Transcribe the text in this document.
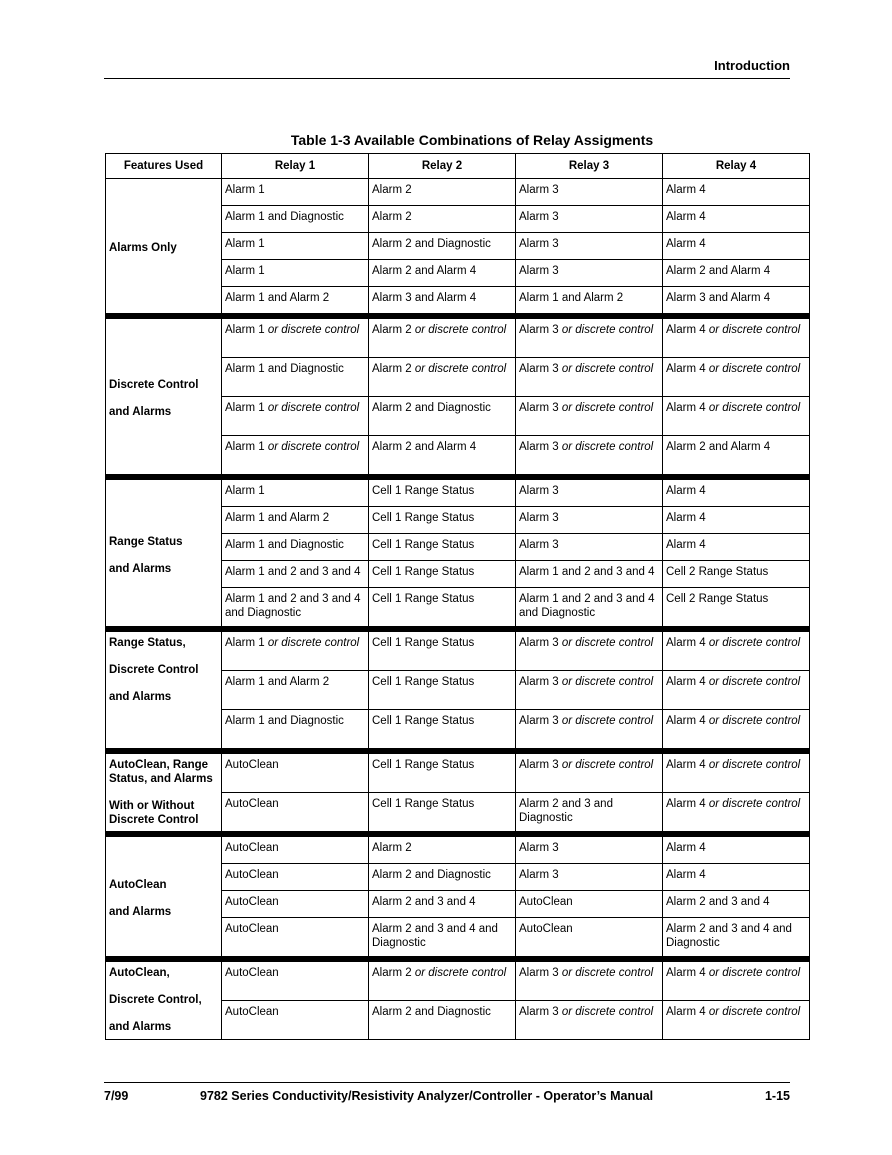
Introduction
Table 1-3 Available Combinations of Relay Assigments
Features Used	Relay 1	Relay 2	Relay 3	Relay 4

Alarms Only	Alarm 1	Alarm 2	Alarm 3	Alarm 4
	Alarm 1 and Diagnostic	Alarm 2	Alarm 3	Alarm 4
	Alarm 1	Alarm 2 and Diagnostic	Alarm 3	Alarm 4
	Alarm 1	Alarm 2 and Alarm 4	Alarm 3	Alarm 2 and Alarm 4
	Alarm 1 and Alarm 2	Alarm 3 and Alarm 4	Alarm 1 and Alarm 2	Alarm 3 and Alarm 4

Discrete Control
and Alarms	Alarm 1 or discrete control	Alarm 2 or discrete control	Alarm 3 or discrete control	Alarm 4 or discrete control
	Alarm 1 and Diagnostic	Alarm 2 or discrete control	Alarm 3 or discrete control	Alarm 4 or discrete control
	Alarm 1 or discrete control	Alarm 2 and Diagnostic	Alarm 3 or discrete control	Alarm 4 or discrete control
	Alarm 1 or discrete control	Alarm 2 and Alarm 4	Alarm 3 or discrete control	Alarm 2 and Alarm 4

Range Status
and Alarms	Alarm 1	Cell 1 Range Status	Alarm 3	Alarm 4
	Alarm 1 and Alarm 2	Cell 1 Range Status	Alarm 3	Alarm 4
	Alarm 1 and Diagnostic	Cell 1 Range Status	Alarm 3	Alarm 4
	Alarm 1 and 2 and 3 and 4	Cell 1 Range Status	Alarm 1 and 2 and 3 and 4	Cell 2 Range Status
	Alarm 1 and 2 and 3 and 4 and Diagnostic	Cell 1 Range Status	Alarm 1 and 2 and 3 and 4 and Diagnostic	Cell 2 Range Status

Range Status,
Discrete Control
and Alarms	Alarm 1 or discrete control	Cell 1 Range Status	Alarm 3 or discrete control	Alarm 4 or discrete control
	Alarm 1 and Alarm 2	Cell 1 Range Status	Alarm 3 or discrete control	Alarm 4 or discrete control
	Alarm 1 and Diagnostic	Cell 1 Range Status	Alarm 3 or discrete control	Alarm 4 or discrete control

AutoClean, Range Status, and Alarms
With or Without Discrete Control	AutoClean	Cell 1 Range Status	Alarm 3 or discrete control	Alarm 4 or discrete control
	AutoClean	Cell 1 Range Status	Alarm 2 and 3 and Diagnostic	Alarm 4 or discrete control

AutoClean
and Alarms	AutoClean	Alarm 2	Alarm 3	Alarm 4
	AutoClean	Alarm 2 and Diagnostic	Alarm 3	Alarm 4
	AutoClean	Alarm 2 and 3 and 4	AutoClean	Alarm 2 and 3 and 4
	AutoClean	Alarm 2 and 3 and 4 and Diagnostic	AutoClean	Alarm 2 and 3 and 4 and Diagnostic

AutoClean,
Discrete Control,
and Alarms	AutoClean	Alarm 2 or discrete control	Alarm 3 or discrete control	Alarm 4 or discrete control
	AutoClean	Alarm 2 and Diagnostic	Alarm 3 or discrete control	Alarm 4 or discrete control
7/99	9782 Series Conductivity/Resistivity Analyzer/Controller - Operator’s Manual	1-15
